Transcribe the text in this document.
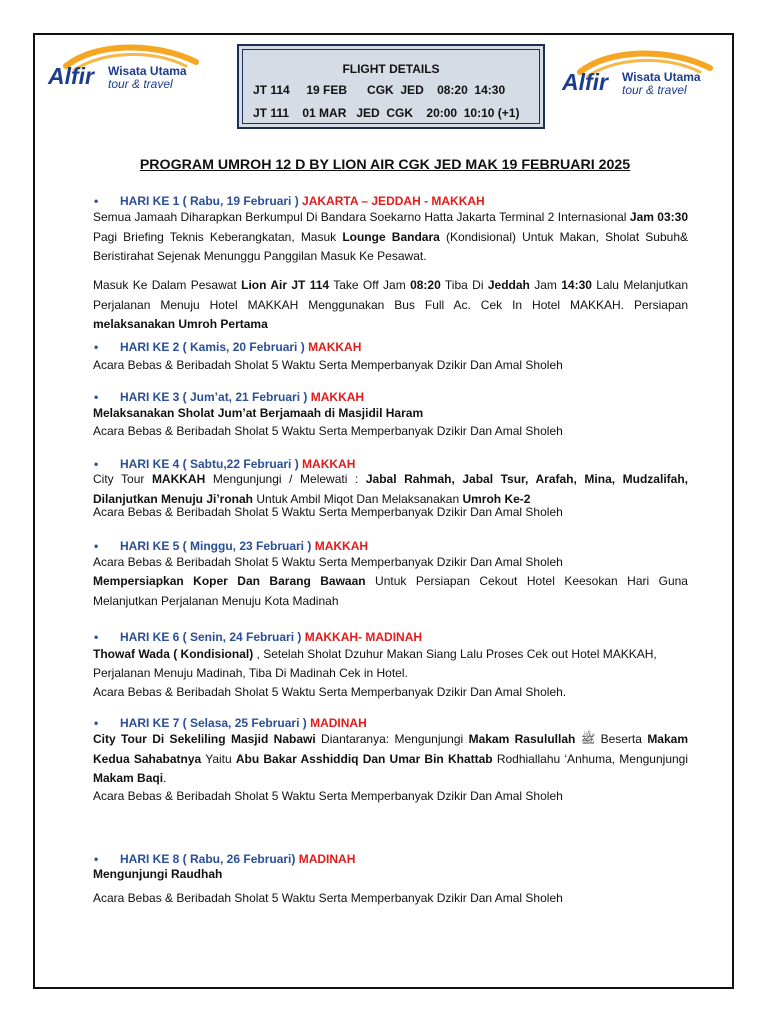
Alfir Wisata Utama
tour & travel	Alfir Wisata Utama
tour & travel
FLIGHT DETAILS
JT 114     19 FEB      CGK  JED    08:20  14:30
JT 111    01 MAR   JED  CGK    20:00  10:10 (+1)
PROGRAM UMROH 12 D BY LION AIR CGK JED MAK 19 FEBRUARI 2025
• HARI KE 1 ( Rabu, 19 Februari ) JAKARTA – JEDDAH - MAKKAH
Semua Jamaah Diharapkan Berkumpul Di Bandara Soekarno Hatta Jakarta Terminal 2 Internasional Jam 03:30 Pagi Briefing Teknis Keberangkatan, Masuk Lounge Bandara (Kondisional) Untuk Makan, Sholat Subuh& Beristirahat Sejenak Menunggu Panggilan Masuk Ke Pesawat.
Masuk Ke Dalam Pesawat Lion Air JT 114 Take Off Jam 08:20 Tiba Di Jeddah Jam 14:30 Lalu Melanjutkan Perjalanan Menuju Hotel MAKKAH Menggunakan Bus Full Ac. Cek In Hotel MAKKAH. Persiapan melaksanakan Umroh Pertama
• HARI KE 2 ( Kamis, 20 Februari ) MAKKAH
Acara Bebas & Beribadah Sholat 5 Waktu Serta Memperbanyak Dzikir Dan Amal Sholeh
• HARI KE 3 ( Jum’at, 21 Februari ) MAKKAH
Melaksanakan Sholat Jum’at Berjamaah di Masjidil Haram
Acara Bebas & Beribadah Sholat 5 Waktu Serta Memperbanyak Dzikir Dan Amal Sholeh
• HARI KE 4 ( Sabtu,22 Februari ) MAKKAH
City Tour MAKKAH Mengunjungi / Melewati : Jabal Rahmah, Jabal Tsur, Arafah, Mina, Mudzalifah, Dilanjutkan Menuju Ji’ronah Untuk Ambil Miqot Dan Melaksanakan Umroh Ke-2
Acara Bebas & Beribadah Sholat 5 Waktu Serta Memperbanyak Dzikir Dan Amal Sholeh
• HARI KE 5 ( Minggu, 23 Februari ) MAKKAH
Acara Bebas & Beribadah Sholat 5 Waktu Serta Memperbanyak Dzikir Dan Amal Sholeh
Mempersiapkan Koper Dan Barang Bawaan Untuk Persiapan Cekout Hotel Keesokan Hari Guna Melanjutkan Perjalanan Menuju Kota Madinah
• HARI KE 6 ( Senin, 24 Februari ) MAKKAH- MADINAH
Thowaf Wada ( Kondisional) , Setelah Sholat Dzuhur Makan Siang Lalu Proses Cek out Hotel MAKKAH,
Perjalanan Menuju Madinah, Tiba Di Madinah Cek in Hotel.
Acara Bebas & Beribadah Sholat 5 Waktu Serta Memperbanyak Dzikir Dan Amal Sholeh.
• HARI KE 7 ( Selasa, 25 Februari ) MADINAH
City Tour Di Sekeliling Masjid Nabawi Diantaranya: Mengunjungi Makam Rasulullah ﷺ Beserta Makam Kedua Sahabatnya Yaitu Abu Bakar Asshiddiq Dan Umar Bin Khattab Rodhiallahu ‘Anhuma, Mengunjungi Makam Baqi.
Acara Bebas & Beribadah Sholat 5 Waktu Serta Memperbanyak Dzikir Dan Amal Sholeh
• HARI KE 8 ( Rabu, 26 Februari) MADINAH
Mengunjungi Raudhah
Acara Bebas & Beribadah Sholat 5 Waktu Serta Memperbanyak Dzikir Dan Amal Sholeh
